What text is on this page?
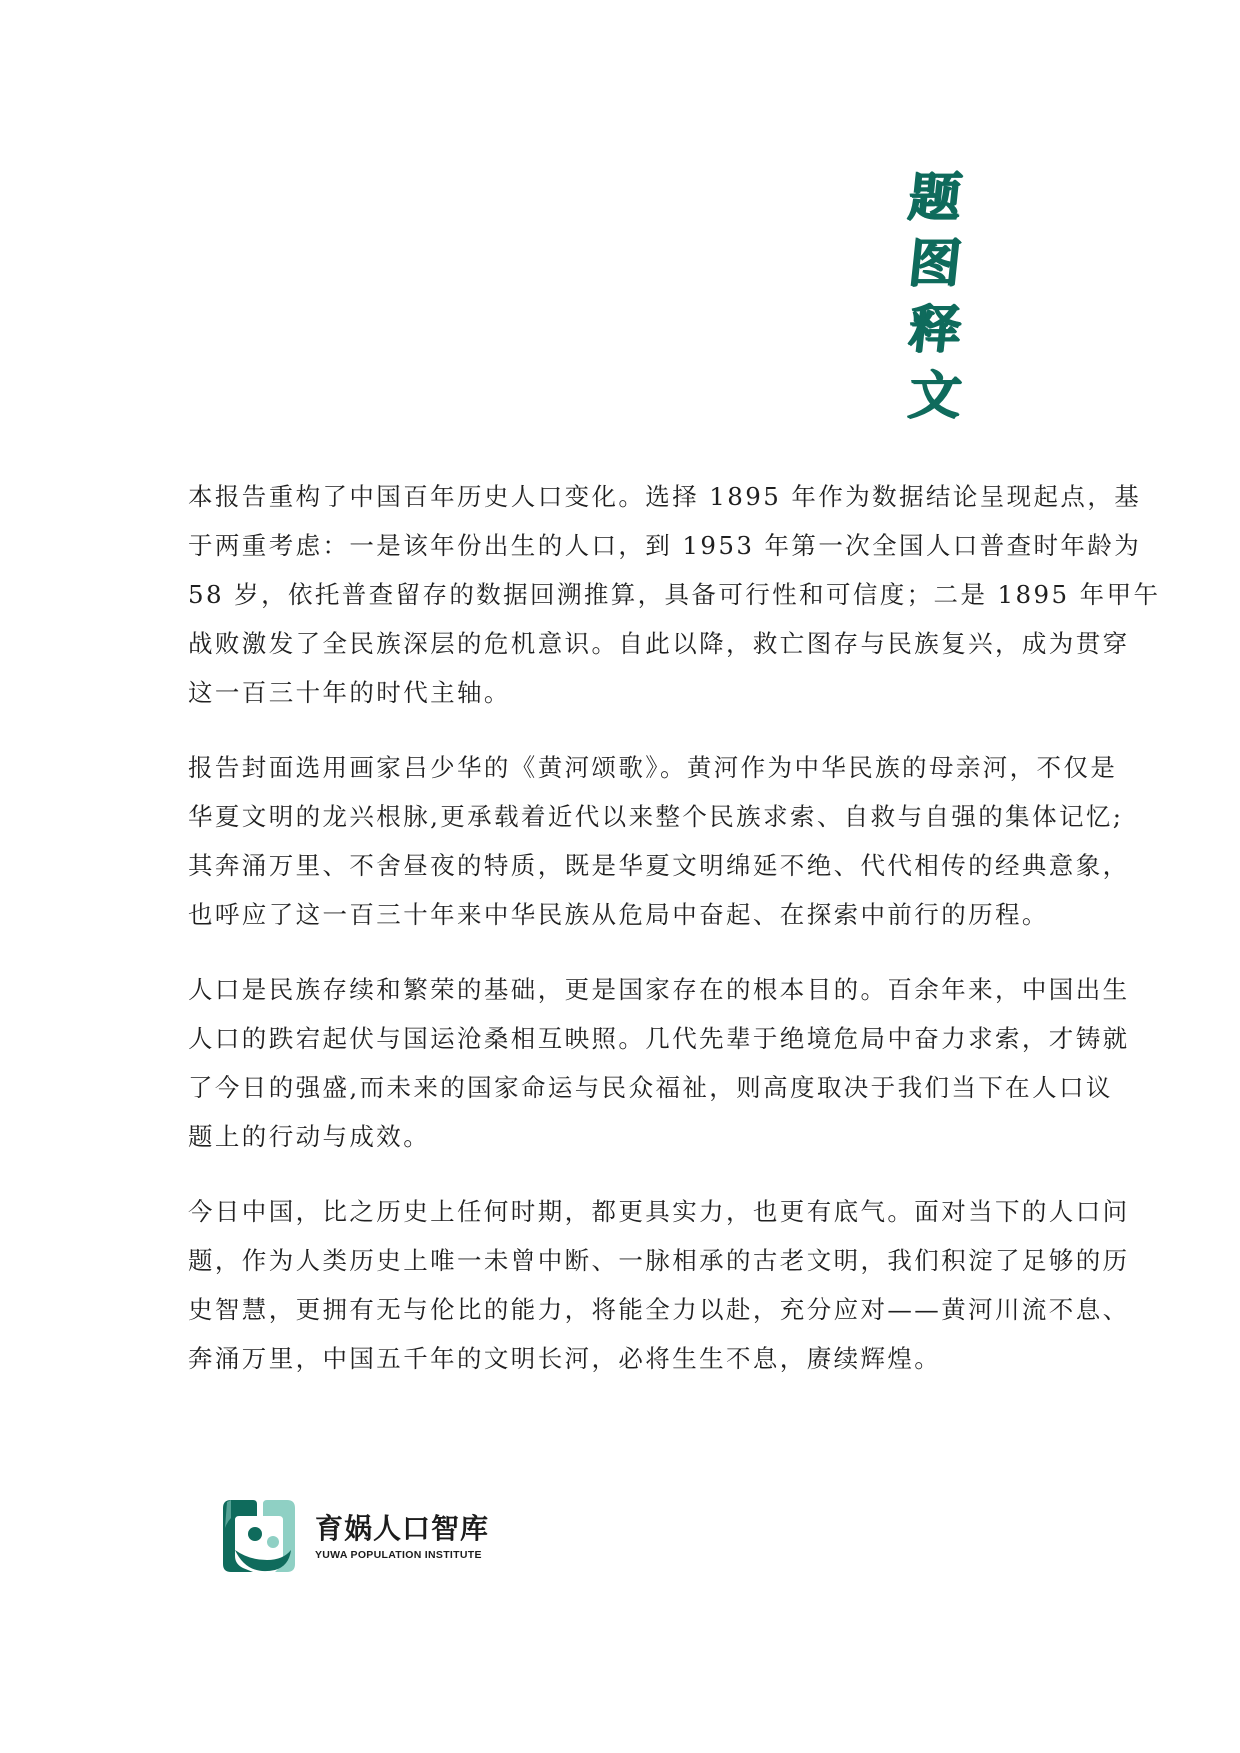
题
图
释
文
本报告重构了中国百年历史人口变化。选择 1895 年作为数据结论呈现起点，基
于两重考虑：一是该年份出生的人口，到 1953 年第一次全国人口普查时年龄为
58 岁，依托普查留存的数据回溯推算，具备可行性和可信度；二是 1895 年甲午
战败激发了全民族深层的危机意识。自此以降，救亡图存与民族复兴，成为贯穿
这一百三十年的时代主轴。
报告封面选用画家吕少华的《黄河颂歌》。黄河作为中华民族的母亲河，不仅是
华夏文明的龙兴根脉,更承载着近代以来整个民族求索、自救与自强的集体记忆;
其奔涌万里、不舍昼夜的特质，既是华夏文明绵延不绝、代代相传的经典意象，
也呼应了这一百三十年来中华民族从危局中奋起、在探索中前行的历程。
人口是民族存续和繁荣的基础，更是国家存在的根本目的。百余年来，中国出生
人口的跌宕起伏与国运沧桑相互映照。几代先辈于绝境危局中奋力求索，才铸就
了今日的强盛,而未来的国家命运与民众福祉，则高度取决于我们当下在人口议
题上的行动与成效。
今日中国，比之历史上任何时期，都更具实力，也更有底气。面对当下的人口问
题，作为人类历史上唯一未曾中断、一脉相承的古老文明，我们积淀了足够的历
史智慧，更拥有无与伦比的能力，将能全力以赴，充分应对——黄河川流不息、
奔涌万里，中国五千年的文明长河，必将生生不息，赓续辉煌。
育娲人口智库
YUWA POPULATION INSTITUTE
